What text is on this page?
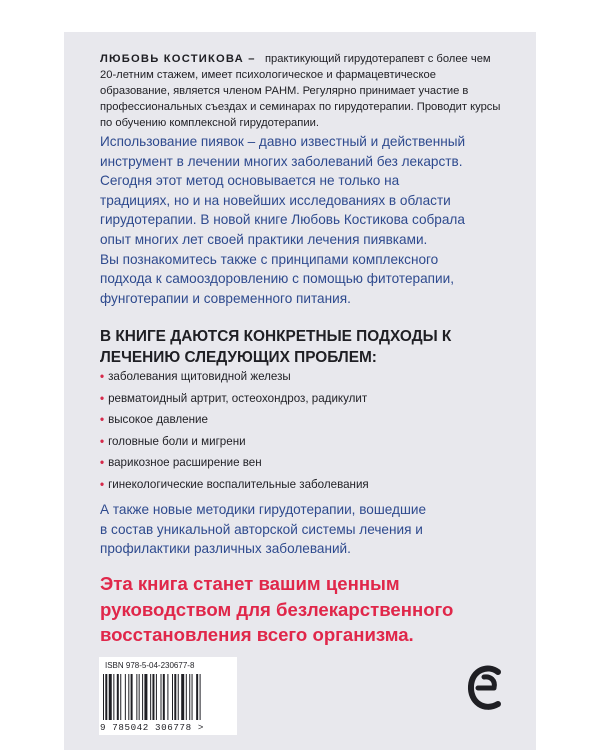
ЛЮБОВЬ КОСТИКОВА – практикующий гирудотерапевт с более чем 20-летним стажем, имеет психологическое и фармацевтическое образование, является членом РАНМ. Регулярно принимает участие в профессиональных съездах и семинарах по гирудотерапии. Проводит курсы по обучению комплексной гирудотерапии.

Использование пиявок – давно известный и действенный
инструмент в лечении многих заболеваний без лекарств.
Сегодня этот метод основывается не только на
традициях, но и на новейших исследованиях в области
гирудотерапии. В новой книге Любовь Костикова собрала
опыт многих лет своей практики лечения пиявками.
Вы познакомитесь также с принципами комплексного
подхода к самооздоровлению с помощью фитотерапии,
фунготерапии и современного питания.

В КНИГЕ ДАЮТСЯ КОНКРЕТНЫЕ ПОДХОДЫ К
ЛЕЧЕНИЮ СЛЕДУЮЩИХ ПРОБЛЕМ:
• заболевания щитовидной железы
• ревматоидный артрит, остеохондроз, радикулит
• высокое давление
• головные боли и мигрени
• варикозное расширение вен
• гинекологические воспалительные заболевания

А также новые методики гирудотерапии, вошедшие
в состав уникальной авторской системы лечения и
профилактики различных заболеваний.

Эта книга станет вашим ценным
руководством для безлекарственного
восстановления всего организма.

ISBN 978-5-04-230677-8
9 785042 306778 >
